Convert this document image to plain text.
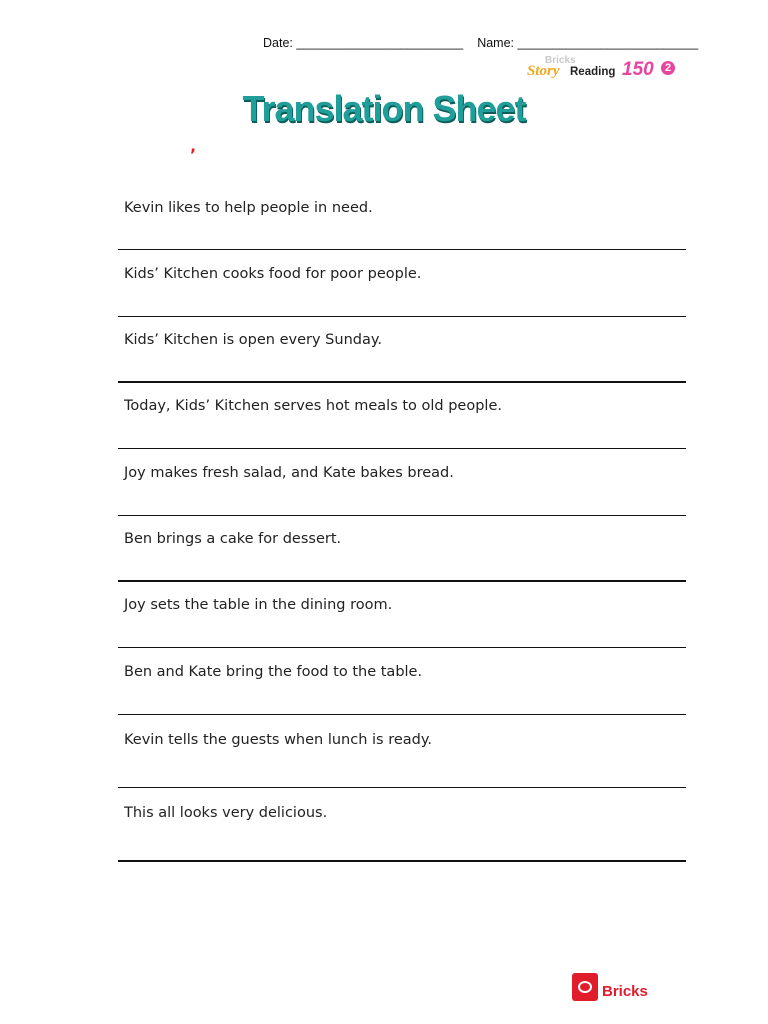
Date: ________________________ Name: __________________________
Bricks
Story Reading 150	2
Translation Sheet
’
Kevin likes to help people in need.
Kids’ Kitchen cooks food for poor people.
Kids’ Kitchen is open every Sunday.
Today, Kids’ Kitchen serves hot meals to old people.
Joy makes fresh salad, and Kate bakes bread.
Ben brings a cake for dessert.
Joy sets the table in the dining room.
Ben and Kate bring the food to the table.
Kevin tells the guests when lunch is ready.
This all looks very delicious.
Bricks
